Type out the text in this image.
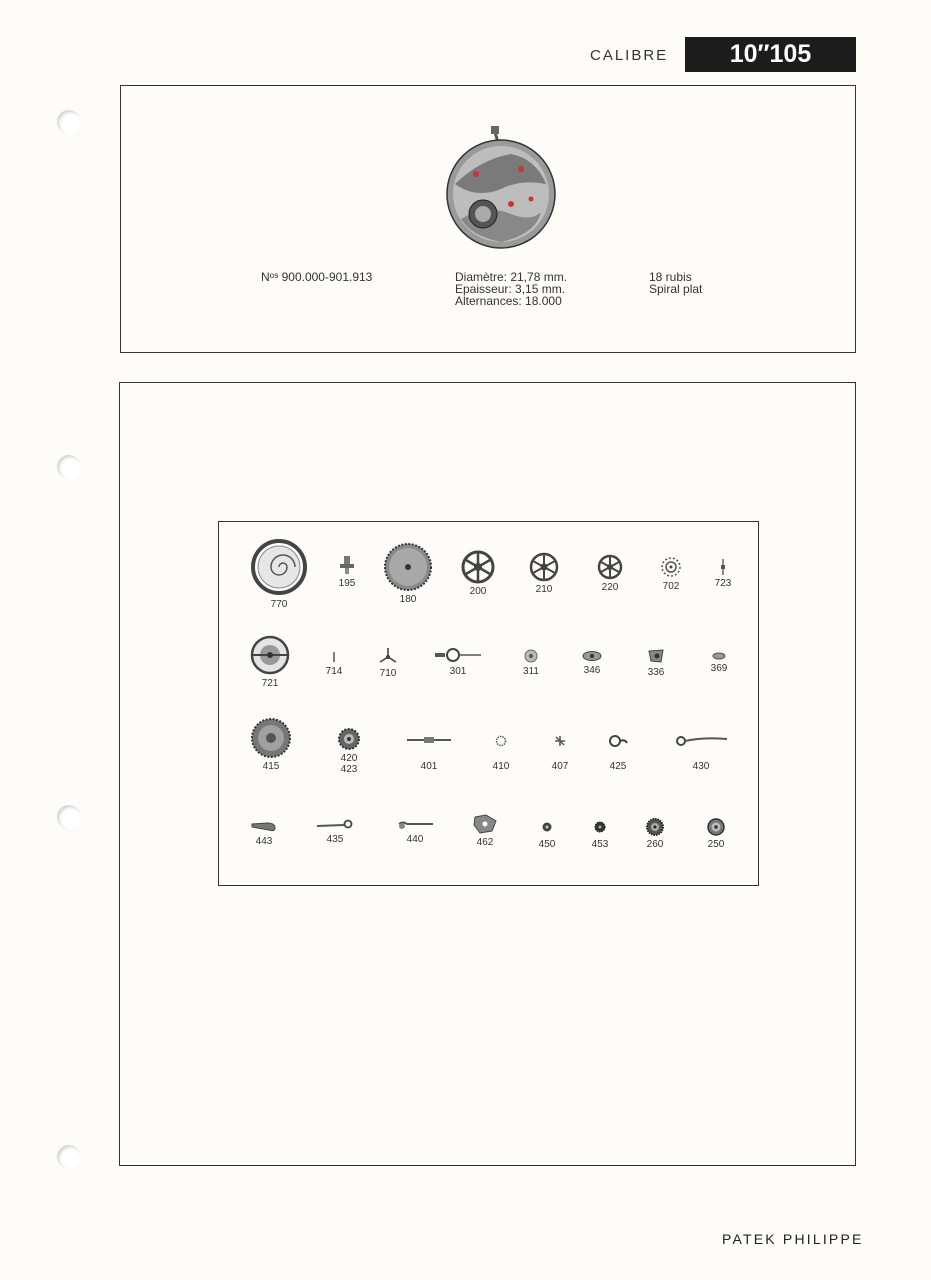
CALIBRE	10″105
Nᵒˢ 900.000-901.913	Diamètre: 21,78 mm.
Epaisseur: 3,15 mm.
Alternances: 18.000
18 rubis
Spiral plat
770
195
180
200	210	220	702	723
721
714	710	301	311	346	336	369
415
420
423	401	410	407	425	430
443	435	440	462	450	453	260	250
PATEK PHILIPPE
